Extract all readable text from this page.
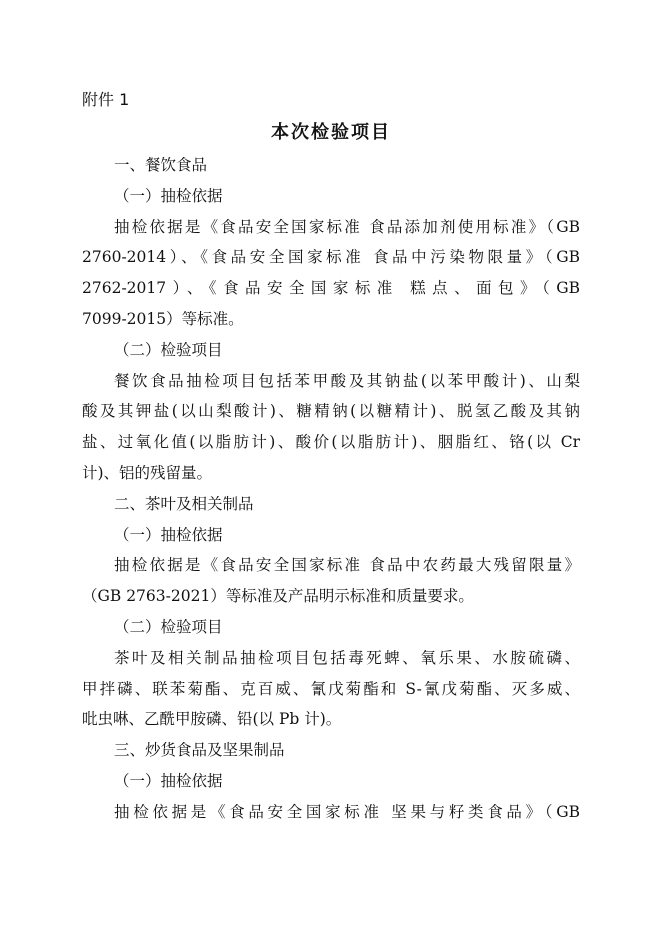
附件 1
本次检验项目

一、餐饮食品

（一）抽检依据

抽检依据是《食品安全国家标准 食品添加剂使用标准》（GB

2760-2014）、《食品安全国家标准 食品中污染物限量》（GB

2762-2017）、《食品安全国家标准 糕点、面包》（GB

7099-2015）等标准。

（二）检验项目

餐饮食品抽检项目包括苯甲酸及其钠盐(以苯甲酸计)、山梨

酸及其钾盐(以山梨酸计)、糖精钠(以糖精计)、脱氢乙酸及其钠

盐、过氧化值(以脂肪计)、酸价(以脂肪计)、胭脂红、铬(以 Cr

计)、铝的残留量。

二、茶叶及相关制品

（一）抽检依据

抽检依据是《食品安全国家标准 食品中农药最大残留限量》

（GB 2763-2021）等标准及产品明示标准和质量要求。

（二）检验项目

茶叶及相关制品抽检项目包括毒死蜱、氧乐果、水胺硫磷、

甲拌磷、联苯菊酯、克百威、氰戊菊酯和 S-氰戊菊酯、灭多威、

吡虫啉、乙酰甲胺磷、铅(以 Pb 计)。

三、炒货食品及坚果制品

（一）抽检依据

抽检依据是《食品安全国家标准 坚果与籽类食品》（GB
